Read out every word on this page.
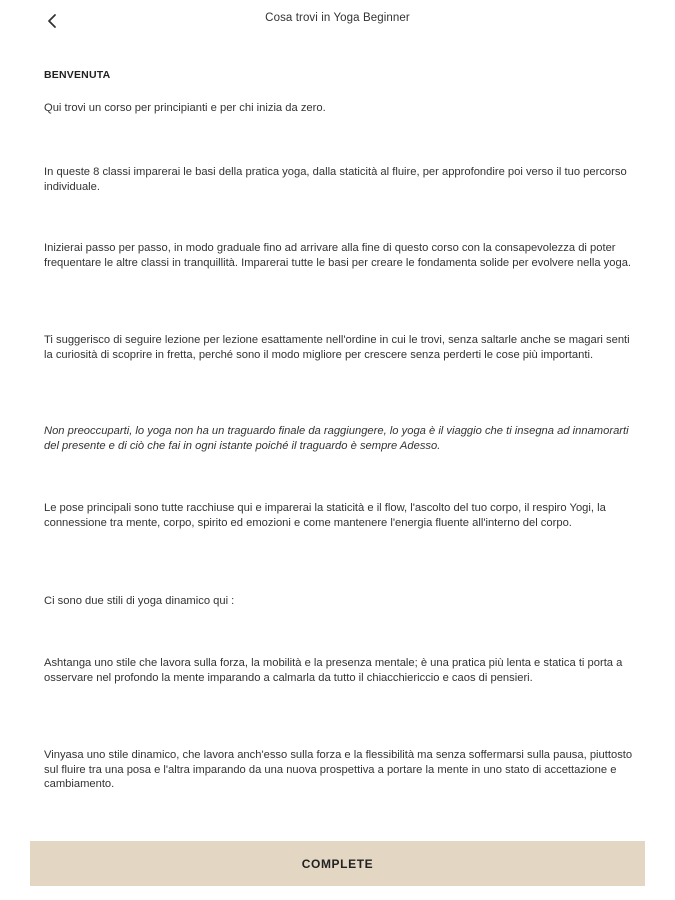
Cosa trovi in Yoga Beginner
BENVENUTA

Qui trovi un corso per principianti e per chi inizia da zero.

In queste 8 classi imparerai le basi della pratica yoga, dalla staticità al fluire, per approfondire poi verso il tuo percorso individuale.

Inizierai passo per passo, in modo graduale fino ad arrivare alla fine di questo corso con la consapevolezza di poter frequentare le altre classi in tranquillità. Imparerai tutte le basi per creare le fondamenta solide per evolvere nella yoga.

Ti suggerisco di seguire lezione per lezione esattamente nell'ordine in cui le trovi, senza saltarle anche se magari senti la curiosità di scoprire in fretta, perché sono il modo migliore per crescere senza perderti le cose più importanti.

Non preoccuparti, lo yoga non ha un traguardo finale da raggiungere, lo yoga è il viaggio che ti insegna ad innamorarti del presente e di ciò che fai in ogni istante poiché il traguardo è sempre Adesso.

Le pose principali sono tutte racchiuse qui e imparerai la staticità e il flow, l'ascolto del tuo corpo, il respiro Yogi, la connessione tra mente, corpo, spirito ed emozioni e come mantenere l'energia fluente all'interno del corpo.

Ci sono due stili di yoga dinamico qui :

Ashtanga uno stile che lavora sulla forza, la mobilità e la presenza mentale; è una pratica più lenta e statica ti porta a osservare nel profondo la mente imparando a calmarla da tutto il chiacchiericcio e caos di pensieri.

Vinyasa uno stile dinamico, che lavora anch'esso sulla forza e la flessibilità ma senza soffermarsi sulla pausa, piuttosto sul fluire tra una posa e l'altra imparando da una nuova prospettiva a portare la mente in uno stato di accettazione e cambiamento.

COMPLETE
